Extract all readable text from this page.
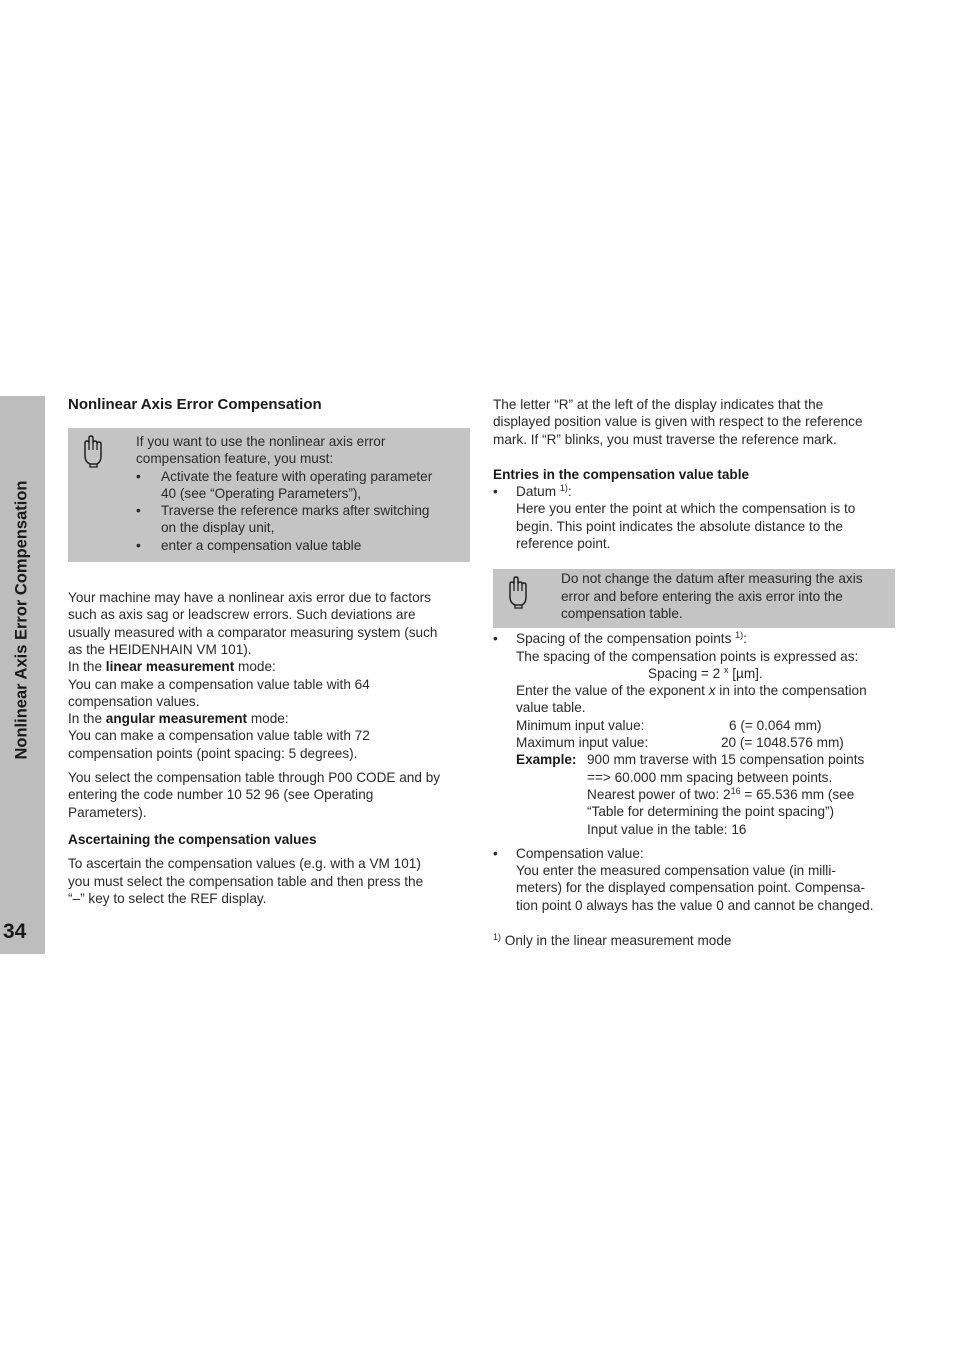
Nonlinear Axis Error Compensation
34
Nonlinear Axis Error Compensation

If you want to use the nonlinear axis error

compensation feature, you must:

•	Activate the feature with operating parameter

40 (see “Operating Parameters”),

•	Traverse the reference marks after switching

on the display unit,

•	enter a compensation value table

Your machine may have a nonlinear axis error due to factors

such as axis sag or leadscrew errors. Such deviations are

usually measured with a comparator measuring system (such

as the HEIDENHAIN VM 101).

In the linear measurement mode:

You can make a compensation value table with 64

compensation values.

In the angular measurement mode:

You can make a compensation value table with 72

compensation points (point spacing: 5 degrees).

You select the compensation table through P00 CODE and by

entering the code number 10 52 96 (see Operating

Parameters).

Ascertaining the compensation values

To ascertain the compensation values (e.g. with a VM 101)

you must select the compensation table and then press the

“–” key to select the REF display.

The letter “R” at the left of the display indicates that the

displayed position value is given with respect to the reference

mark. If “R” blinks, you must traverse the reference mark.

Entries in the compensation value table
•	Datum $^{1)}$:

Here you enter the point at which the compensation is to

begin. This point indicates the absolute distance to the

reference point.

Do not change the datum after measuring the axis

error and before entering the axis error into the

compensation table.

•	Spacing of the compensation points $^{1)}$:

The spacing of the compensation points is expressed as:

Spacing = 2 $^x$ [µm].

Enter the value of the exponent x in into the compensation

value table.

Minimum input value:	6 (= 0.064 mm)
Maximum input value:	20 (= 1048.576 mm)
Example: 900 mm traverse with 15 compensation points

==> 60.000 mm spacing between points.

Nearest power of two: $2^{16} = 65.536$ mm (see

“Table for determining the point spacing”)

Input value in the table: 16

•	Compensation value:

You enter the measured compensation value (in milli-

meters) for the displayed compensation point. Compensa-

tion point 0 always has the value 0 and cannot be changed.

$^{1)}$ Only in the linear measurement mode
